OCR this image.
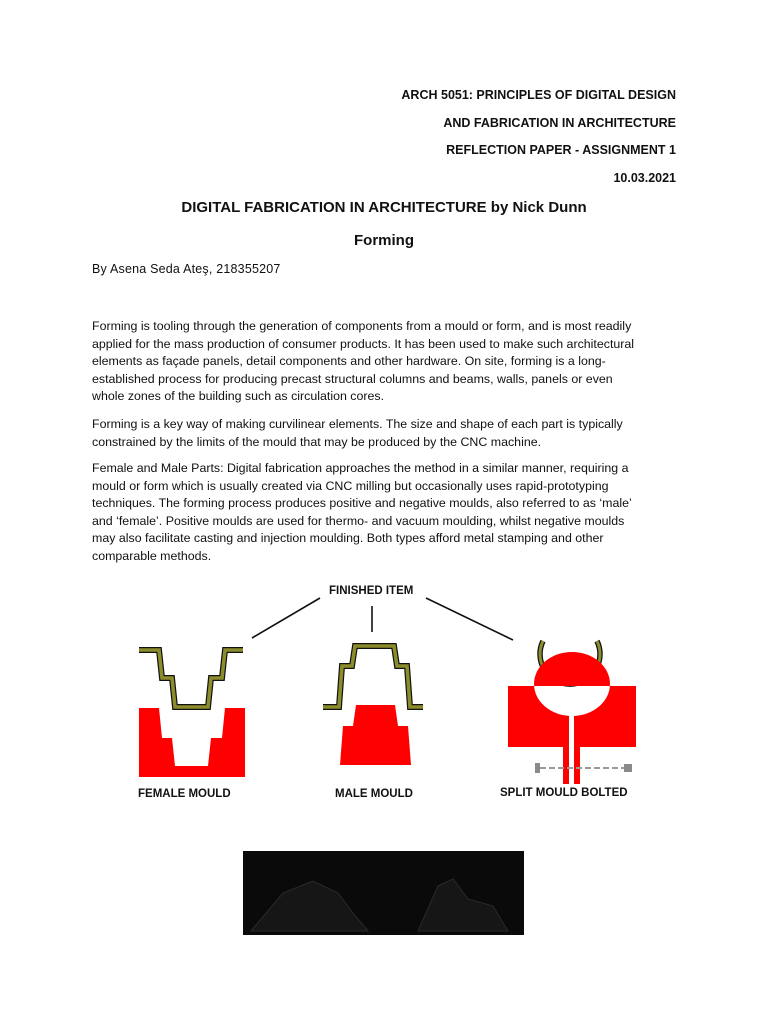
ARCH 5051: PRINCIPLES OF DIGITAL DESIGN
AND FABRICATION IN ARCHITECTURE
REFLECTION PAPER - ASSIGNMENT 1
10.03.2021
DIGITAL FABRICATION IN ARCHITECTURE by Nick Dunn
Forming
By Asena Seda Ateş, 218355207
Forming is tooling through the generation of components from a mould or form, and is most readily
applied for the mass production of consumer products. It has been used to make such architectural
elements as façade panels, detail components and other hardware. On site, forming is a long-
established process for producing precast structural columns and beams, walls, panels or even
whole zones of the building such as circulation cores.
Forming is a key way of making curvilinear elements. The size and shape of each part is typically
constrained by the limits of the mould that may be produced by the CNC machine.
Female and Male Parts: Digital fabrication approaches the method in a similar manner, requiring a
mould or form which is usually created via CNC milling but occasionally uses rapid-prototyping
techniques. The forming process produces positive and negative moulds, also referred to as ‘male’
and ‘female’. Positive moulds are used for thermo- and vacuum moulding, whilst negative moulds
may also facilitate casting and injection moulding. Both types afford metal stamping and other
comparable methods.
FINISHED ITEM
FEMALE MOULD	MALE MOULD	SPLIT MOULD BOLTED
